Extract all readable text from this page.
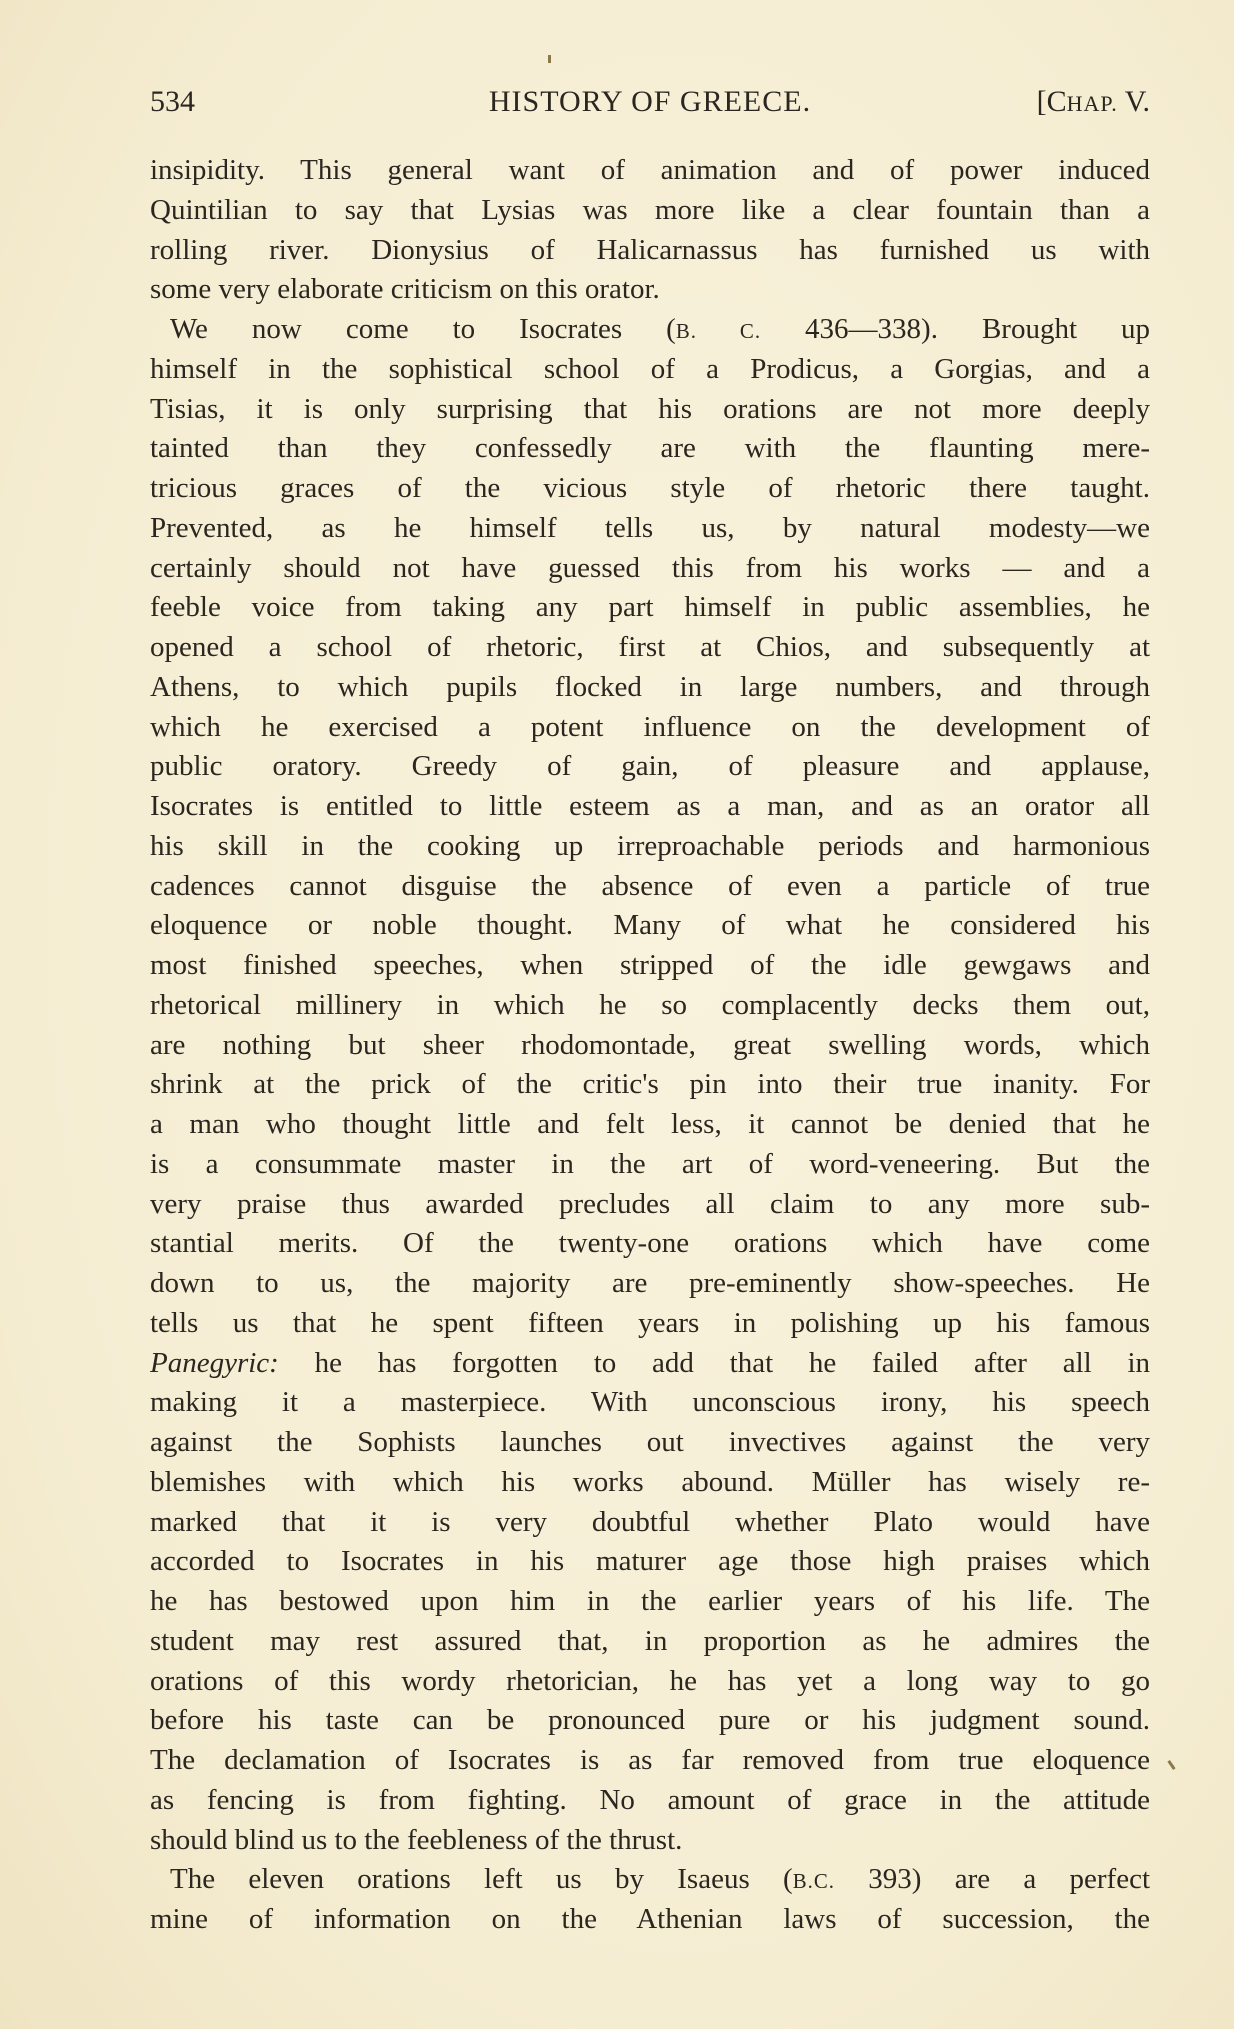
534	HISTORY OF GREECE.	[CHAP. V.
insipidity. This general want of animation and of power induced
Quintilian to say that Lysias was more like a clear fountain than a
rolling river. Dionysius of Halicarnassus has furnished us with
some very elaborate criticism on this orator.
We now come to Isocrates (B. C. 436—338). Brought up
himself in the sophistical school of a Prodicus, a Gorgias, and a
Tisias, it is only surprising that his orations are not more deeply
tainted than they confessedly are with the flaunting mere-
tricious graces of the vicious style of rhetoric there taught.
Prevented, as he himself tells us, by natural modesty—we
certainly should not have guessed this from his works — and a
feeble voice from taking any part himself in public assemblies, he
opened a school of rhetoric, first at Chios, and subsequently at
Athens, to which pupils flocked in large numbers, and through
which he exercised a potent influence on the development of
public oratory. Greedy of gain, of pleasure and applause,
Isocrates is entitled to little esteem as a man, and as an orator all
his skill in the cooking up irreproachable periods and harmonious
cadences cannot disguise the absence of even a particle of true
eloquence or noble thought. Many of what he considered his
most finished speeches, when stripped of the idle gewgaws and
rhetorical millinery in which he so complacently decks them out,
are nothing but sheer rhodomontade, great swelling words, which
shrink at the prick of the critic's pin into their true inanity. For
a man who thought little and felt less, it cannot be denied that he
is a consummate master in the art of word-veneering. But the
very praise thus awarded precludes all claim to any more sub-
stantial merits. Of the twenty-one orations which have come
down to us, the majority are pre-eminently show-speeches. He
tells us that he spent fifteen years in polishing up his famous
Panegyric: he has forgotten to add that he failed after all in
making it a masterpiece. With unconscious irony, his speech
against the Sophists launches out invectives against the very
blemishes with which his works abound. Müller has wisely re-
marked that it is very doubtful whether Plato would have
accorded to Isocrates in his maturer age those high praises which
he has bestowed upon him in the earlier years of his life. The
student may rest assured that, in proportion as he admires the
orations of this wordy rhetorician, he has yet a long way to go
before his taste can be pronounced pure or his judgment sound.
The declamation of Isocrates is as far removed from true eloquence
as fencing is from fighting. No amount of grace in the attitude
should blind us to the feebleness of the thrust.
The eleven orations left us by Isaeus (B.C. 393) are a perfect
mine of information on the Athenian laws of succession, the
